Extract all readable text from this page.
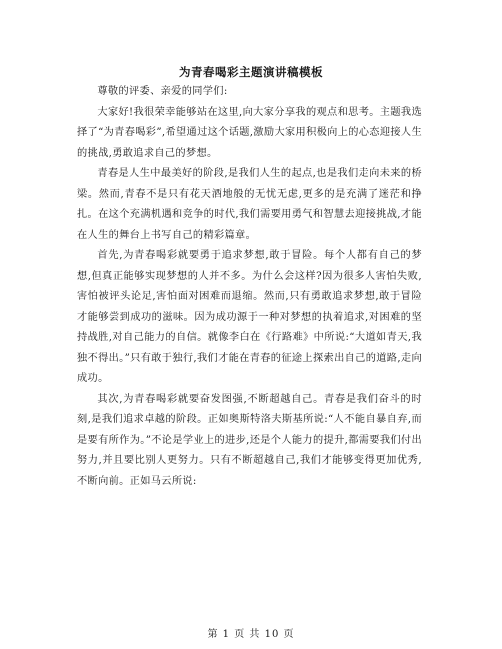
为青春喝彩主题演讲稿模板

尊敬的评委、亲爱的同学们:

大家好!我很荣幸能够站在这里,向大家分享我的观点和思考。主题我选择了“为青春喝彩”,希望通过这个话题,激励大家用积极向上的心态迎接人生的挑战,勇敢追求自己的梦想。

青春是人生中最美好的阶段,是我们人生的起点,也是我们走向未来的桥梁。然而,青春不是只有花天酒地般的无忧无虑,更多的是充满了迷茫和挣扎。在这个充满机遇和竞争的时代,我们需要用勇气和智慧去迎接挑战,才能在人生的舞台上书写自己的精彩篇章。

首先,为青春喝彩就要勇于追求梦想,敢于冒险。每个人都有自己的梦想,但真正能够实现梦想的人并不多。为什么会这样?因为很多人害怕失败,害怕被评头论足,害怕面对困难而退缩。然而,只有勇敢追求梦想,敢于冒险才能够尝到成功的滋味。因为成功源于一种对梦想的执着追求,对困难的坚持战胜,对自己能力的自信。就像李白在《行路难》中所说:“大道如青天,我独不得出。”只有敢于独行,我们才能在青春的征途上探索出自己的道路,走向成功。

其次,为青春喝彩就要奋发图强,不断超越自己。青春是我们奋斗的时刻,是我们追求卓越的阶段。正如奥斯特洛夫斯基所说:“人不能自暴自弃,而是要有所作为。”不论是学业上的进步,还是个人能力的提升,都需要我们付出努力,并且要比别人更努力。只有不断超越自己,我们才能够变得更加优秀,不断向前。正如马云所说:

第 1 页 共 10 页
